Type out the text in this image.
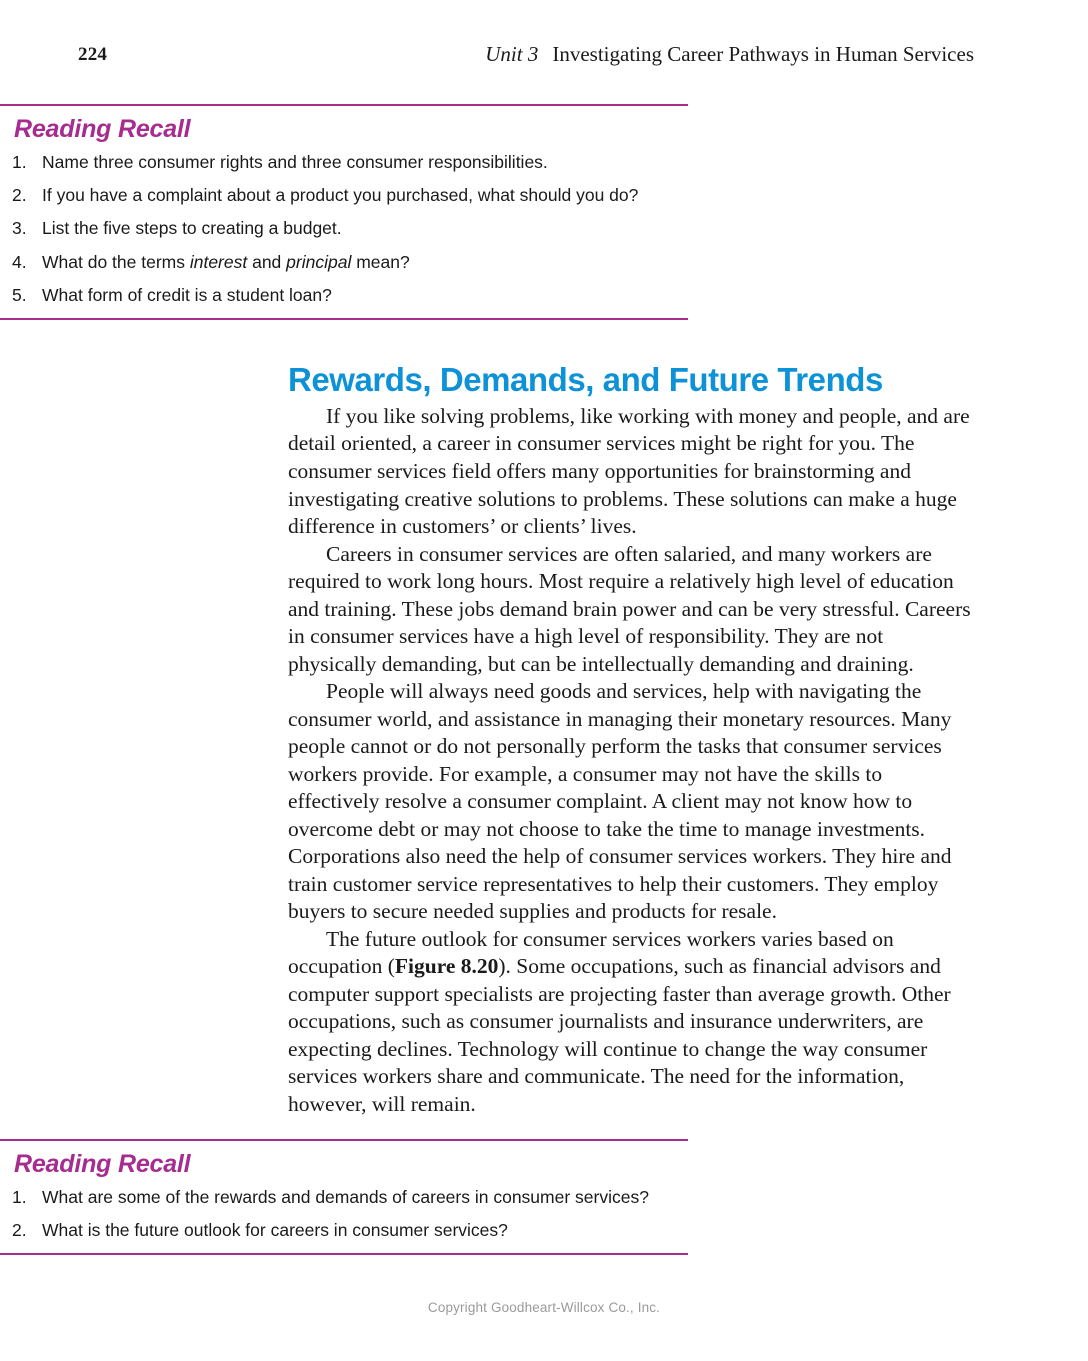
224	Unit 3 Investigating Career Pathways in Human Services
Reading Recall
1. Name three consumer rights and three consumer responsibilities.
2. If you have a complaint about a product you purchased, what should you do?
3. List the five steps to creating a budget.
4. What do the terms interest and principal mean?
5. What form of credit is a student loan?
Rewards, Demands, and Future Trends

If you like solving problems, like working with money and people, and are detail oriented, a career in consumer services might be right for you. The consumer services field offers many opportunities for brainstorming and investigating creative solutions to problems. These solutions can make a huge difference in customers’ or clients’ lives.

Careers in consumer services are often salaried, and many workers are required to work long hours. Most require a relatively high level of education and training. These jobs demand brain power and can be very stressful. Careers in consumer services have a high level of responsibility. They are not physically demanding, but can be intellectually demanding and draining.

People will always need goods and services, help with navigating the consumer world, and assistance in managing their monetary resources. Many people cannot or do not personally perform the tasks that consumer services workers provide. For example, a consumer may not have the skills to effectively resolve a consumer complaint. A client may not know how to overcome debt or may not choose to take the time to manage investments. Corporations also need the help of consumer services workers. They hire and train customer service representatives to help their customers. They employ buyers to secure needed supplies and products for resale.

The future outlook for consumer services workers varies based on occupation (Figure 8.20). Some occupations, such as financial advisors and computer support specialists are projecting faster than average growth. Other occupations, such as consumer journalists and insurance underwriters, are expecting declines. Technology will continue to change the way consumer services workers share and communicate. The need for the information, however, will remain.

Reading Recall
1. What are some of the rewards and demands of careers in consumer services?
2. What is the future outlook for careers in consumer services?
Copyright Goodheart-Willcox Co., Inc.
